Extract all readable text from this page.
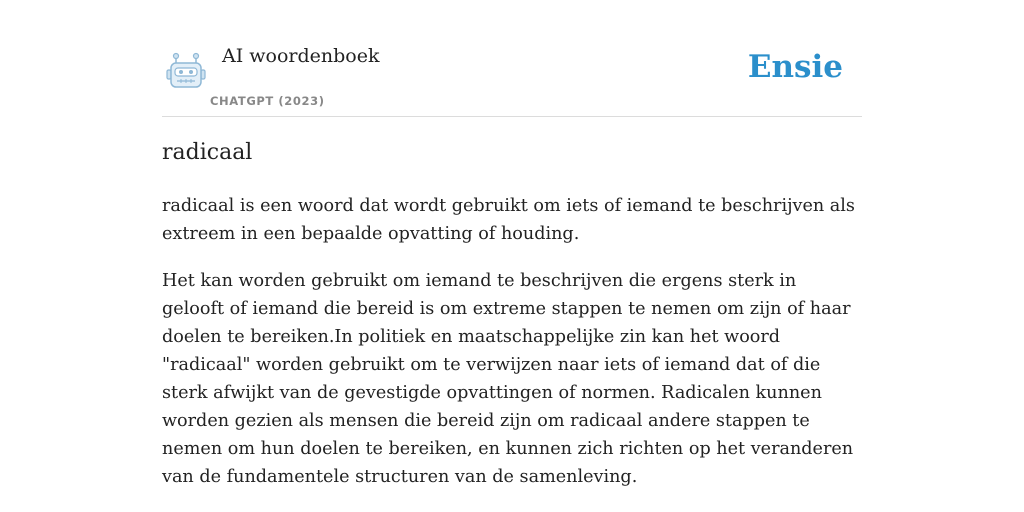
AI woordenboek
CHATGPT (2023)
Ensie
radicaal

radicaal is een woord dat wordt gebruikt om iets of iemand te beschrijven als extreem in een bepaalde opvatting of houding.

Het kan worden gebruikt om iemand te beschrijven die ergens sterk in gelooft of iemand die bereid is om extreme stappen te nemen om zijn of haar doelen te bereiken.In politiek en maatschappelijke zin kan het woord "radicaal" worden gebruikt om te verwijzen naar iets of iemand dat of die sterk afwijkt van de gevestigde opvattingen of normen. Radicalen kunnen worden gezien als mensen die bereid zijn om radicaal andere stappen te nemen om hun doelen te bereiken, en kunnen zich richten op het veranderen van de fundamentele structuren van de samenleving.
